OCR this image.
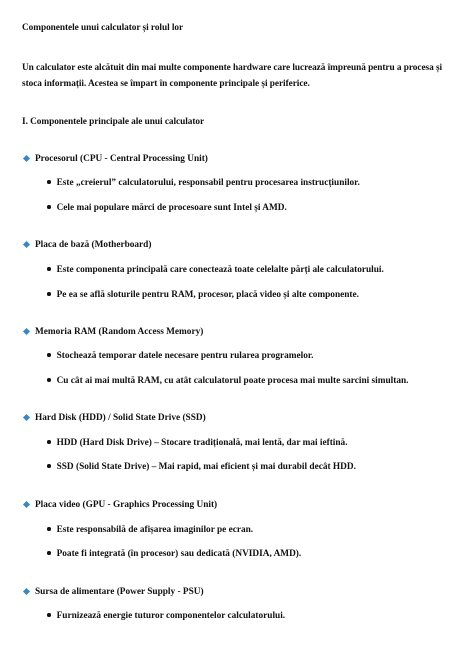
Componentele unui calculator și rolul lor
Un calculator este alcătuit din mai multe componente hardware care lucrează împreună pentru a procesa și stoca informații. Acestea se împart în componente principale și periferice.
I. Componentele principale ale unui calculator
Procesorul (CPU - Central Processing Unit)
Este „creierul” calculatorului, responsabil pentru procesarea instrucțiunilor.
Cele mai populare mărci de procesoare sunt Intel și AMD.
Placa de bază (Motherboard)
Este componenta principală care conectează toate celelalte părți ale calculatorului.
Pe ea se află sloturile pentru RAM, procesor, placă video și alte componente.
Memoria RAM (Random Access Memory)
Stochează temporar datele necesare pentru rularea programelor.
Cu cât ai mai multă RAM, cu atât calculatorul poate procesa mai multe sarcini simultan.
Hard Disk (HDD) / Solid State Drive (SSD)
HDD (Hard Disk Drive) – Stocare tradițională, mai lentă, dar mai ieftină.
SSD (Solid State Drive) – Mai rapid, mai eficient și mai durabil decât HDD.
Placa video (GPU - Graphics Processing Unit)
Este responsabilă de afișarea imaginilor pe ecran.
Poate fi integrată (în procesor) sau dedicată (NVIDIA, AMD).
Sursa de alimentare (Power Supply - PSU)
Furnizează energie tuturor componentelor calculatorului.
